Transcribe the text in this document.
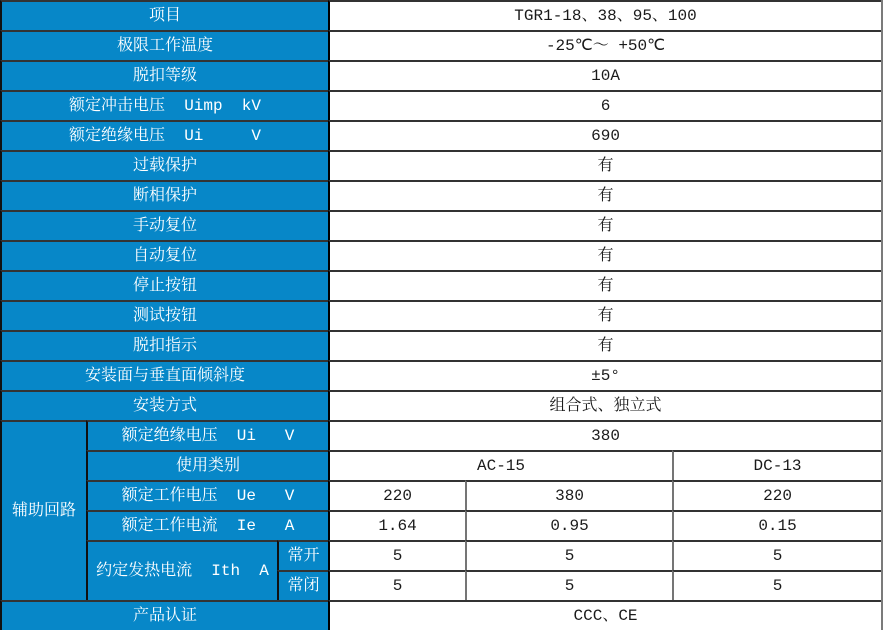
项目			TGR1-18、38、95、100		
极限工作温度			-25℃～ +50℃		
脱扣等级			10A		
额定冲击电压  Uimp  kV			6		
额定绝缘电压  Ui     V			690		
过载保护			有		
断相保护			有		
手动复位			有		
自动复位			有		
停止按钮			有		
测试按钮			有		
脱扣指示			有		
安装面与垂直面倾斜度			±5°		
安装方式			组合式、独立式		
辅助回路	额定绝缘电压  Ui   V		380		
	使用类别		AC-15		DC-13
	额定工作电压  Ue   V		220	380	220
	额定工作电流  Ie   A		1.64	0.95	0.15
	约定发热电流  Ith  A	常开	5	5	5
		常闭	5	5	5
产品认证			CCC、CE		
